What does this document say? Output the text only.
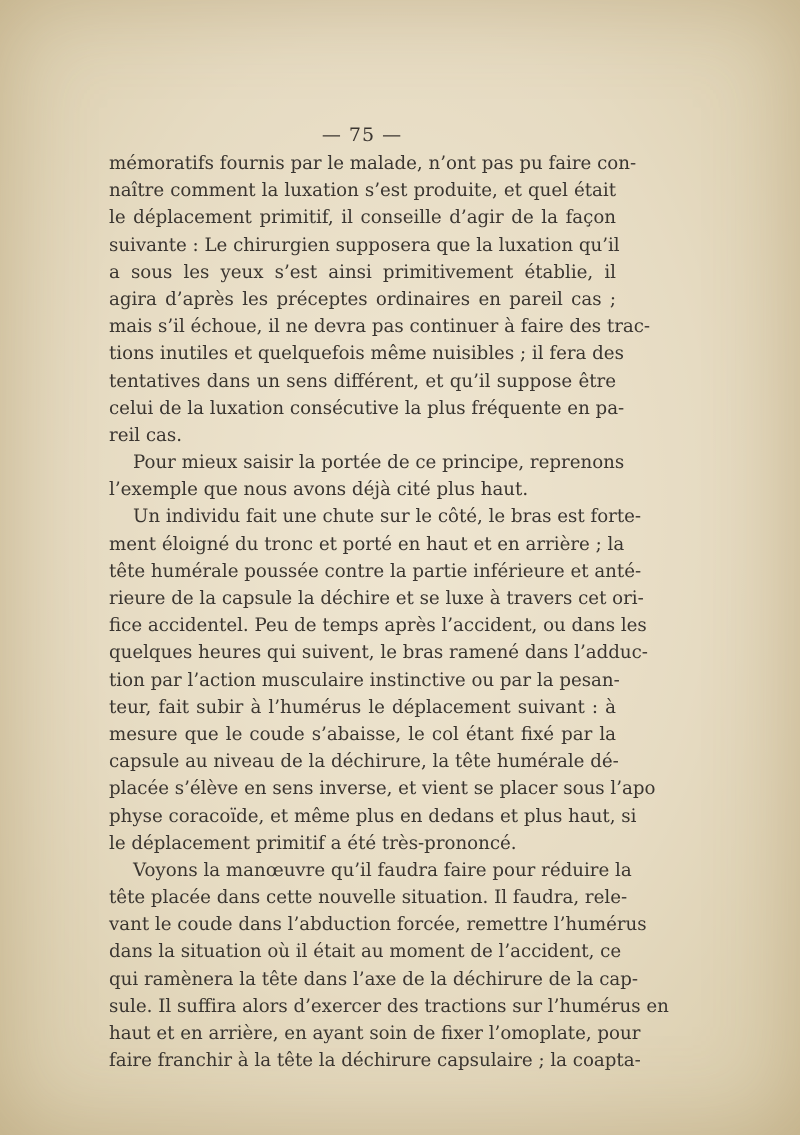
— 75 —
mémoratifs fournis par le malade, n’ont pas pu faire con-
naître comment la luxation s’est produite, et quel était
le déplacement primitif, il conseille d’agir de la façon
suivante : Le chirurgien supposera que la luxation qu’il
a sous les yeux s’est ainsi primitivement établie, il
agira d’après les préceptes ordinaires en pareil cas ;
mais s’il échoue, il ne devra pas continuer à faire des trac-
tions inutiles et quelquefois même nuisibles ; il fera des
tentatives dans un sens différent, et qu’il suppose être
celui de la luxation consécutive la plus fréquente en pa-
reil cas.
Pour mieux saisir la portée de ce principe, reprenons
l’exemple que nous avons déjà cité plus haut.
Un individu fait une chute sur le côté, le bras est forte-
ment éloigné du tronc et porté en haut et en arrière ; la
tête humérale poussée contre la partie inférieure et anté-
rieure de la capsule la déchire et se luxe à travers cet ori-
fice accidentel. Peu de temps après l’accident, ou dans les
quelques heures qui suivent, le bras ramené dans l’adduc-
tion par l’action musculaire instinctive ou par la pesan-
teur, fait subir à l’humérus le déplacement suivant : à
mesure que le coude s’abaisse, le col étant fixé par la
capsule au niveau de la déchirure, la tête humérale dé-
placée s’élève en sens inverse, et vient se placer sous l’apo
physe coracoïde, et même plus en dedans et plus haut, si
le déplacement primitif a été très-prononcé.
Voyons la manœuvre qu’il faudra faire pour réduire la
tête placée dans cette nouvelle situation. Il faudra, rele-
vant le coude dans l’abduction forcée, remettre l’humérus
dans la situation où il était au moment de l’accident, ce
qui ramènera la tête dans l’axe de la déchirure de la cap-
sule. Il suffira alors d’exercer des tractions sur l’humérus en
haut et en arrière, en ayant soin de fixer l’omoplate, pour
faire franchir à la tête la déchirure capsulaire ; la coapta-
